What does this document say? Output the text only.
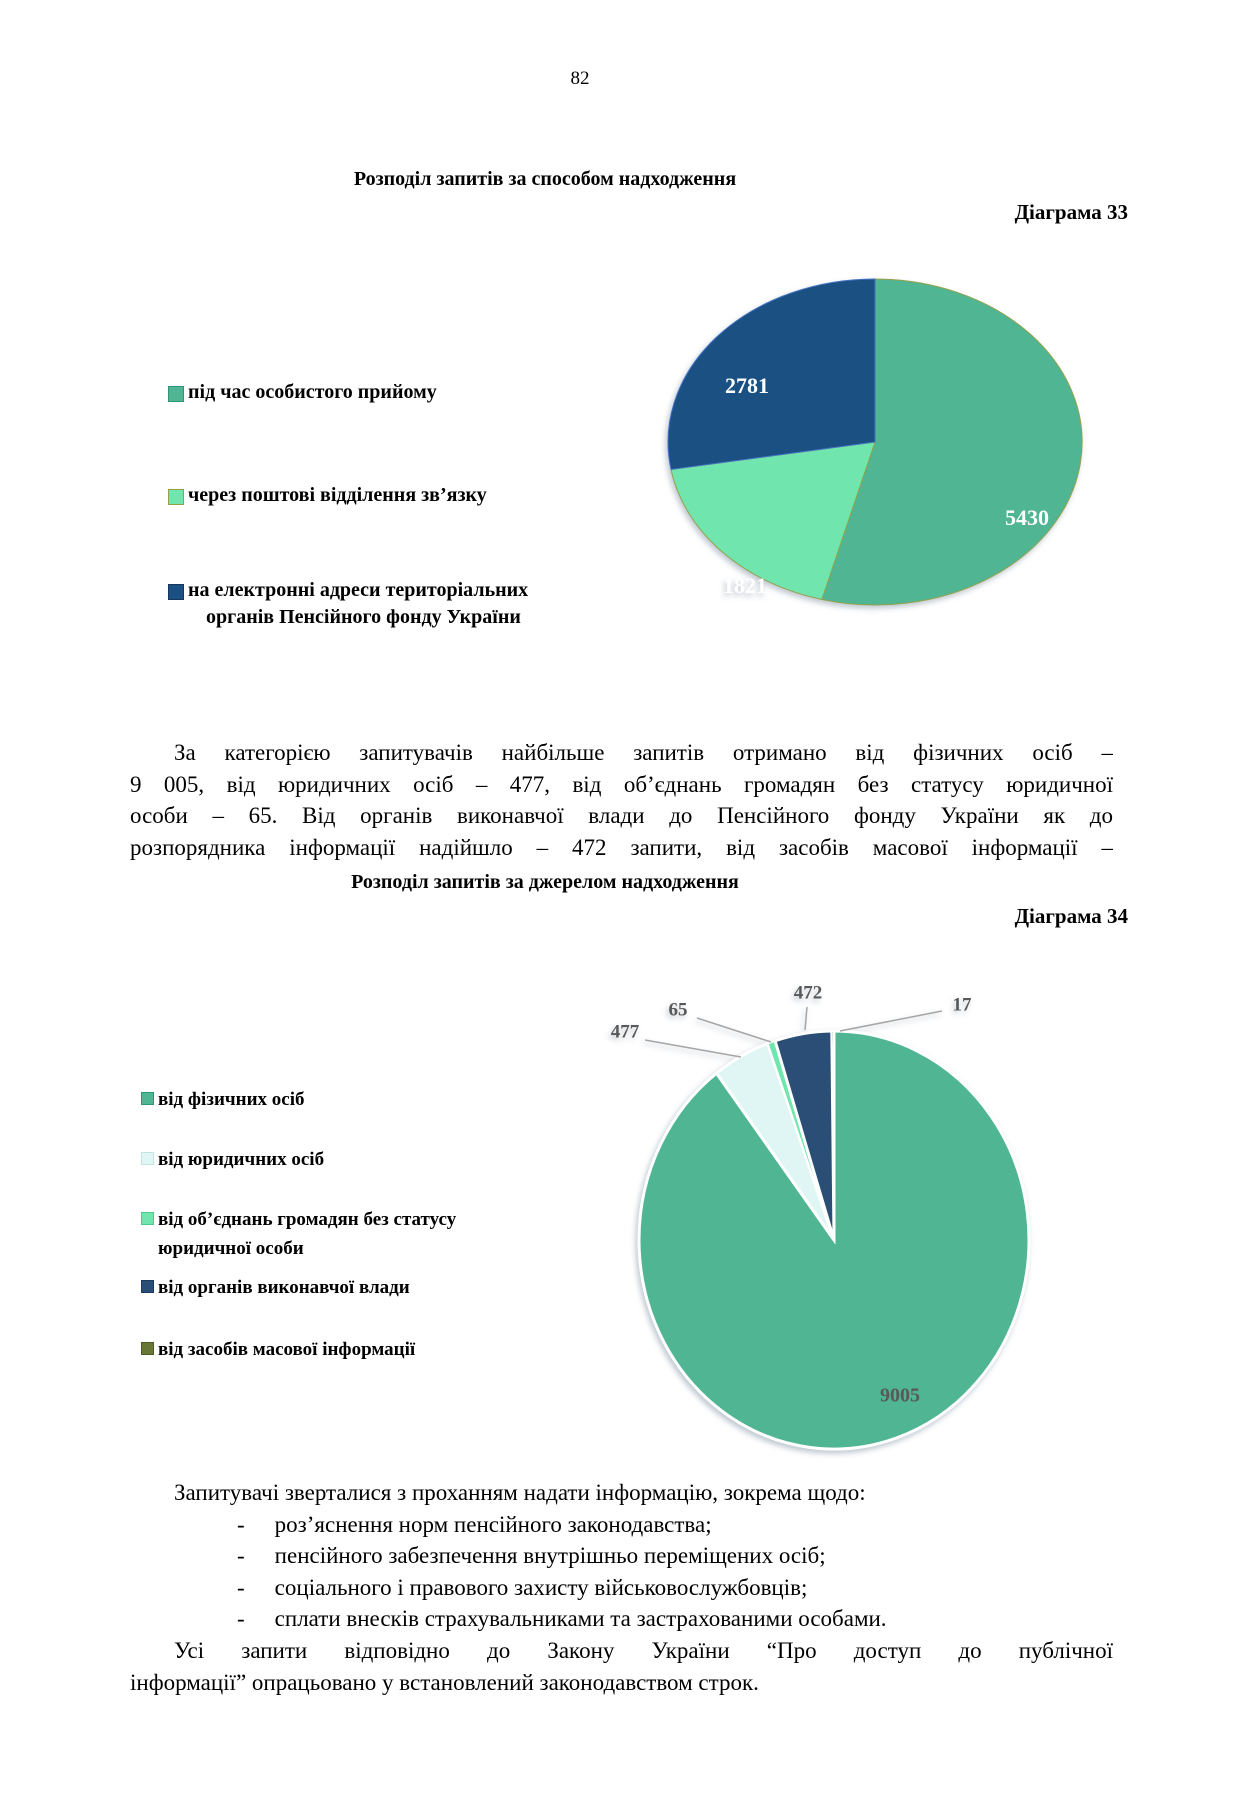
82
Розподіл запитів за способом надходження
Діаграма 33
під час особистого прийому
через поштові відділення зв’язку
на електронні адреси територіальних
органів Пенсійного фонду України
2781
1821
5430
За категорією запитувачів найбільше запитів отримано від фізичних осіб –
9 005, від юридичних осіб – 477, від об’єднань громадян без статусу юридичної
особи – 65. Від органів виконавчої влади до Пенсійного фонду України як до
розпорядника інформації надійшло – 472 запити, від засобів масової інформації –
Розподіл запитів за джерелом надходження
Діаграма 34
від фізичних осіб
від юридичних осіб
від об’єднань громадян без статусу
юридичної особи
від органів виконавчої влади
від засобів масової інформації
477
65
472
17
9005
Запитувачі зверталися з проханням надати інформацію, зокрема щодо:
- роз’яснення норм пенсійного законодавства;
- пенсійного забезпечення внутрішньо переміщених осіб;
- соціального і правового захисту військовослужбовців;
- сплати внесків страхувальниками та застрахованими особами.
Усі запити відповідно до Закону України “Про доступ до публічної
інформації” опрацьовано у встановлений законодавством строк.
